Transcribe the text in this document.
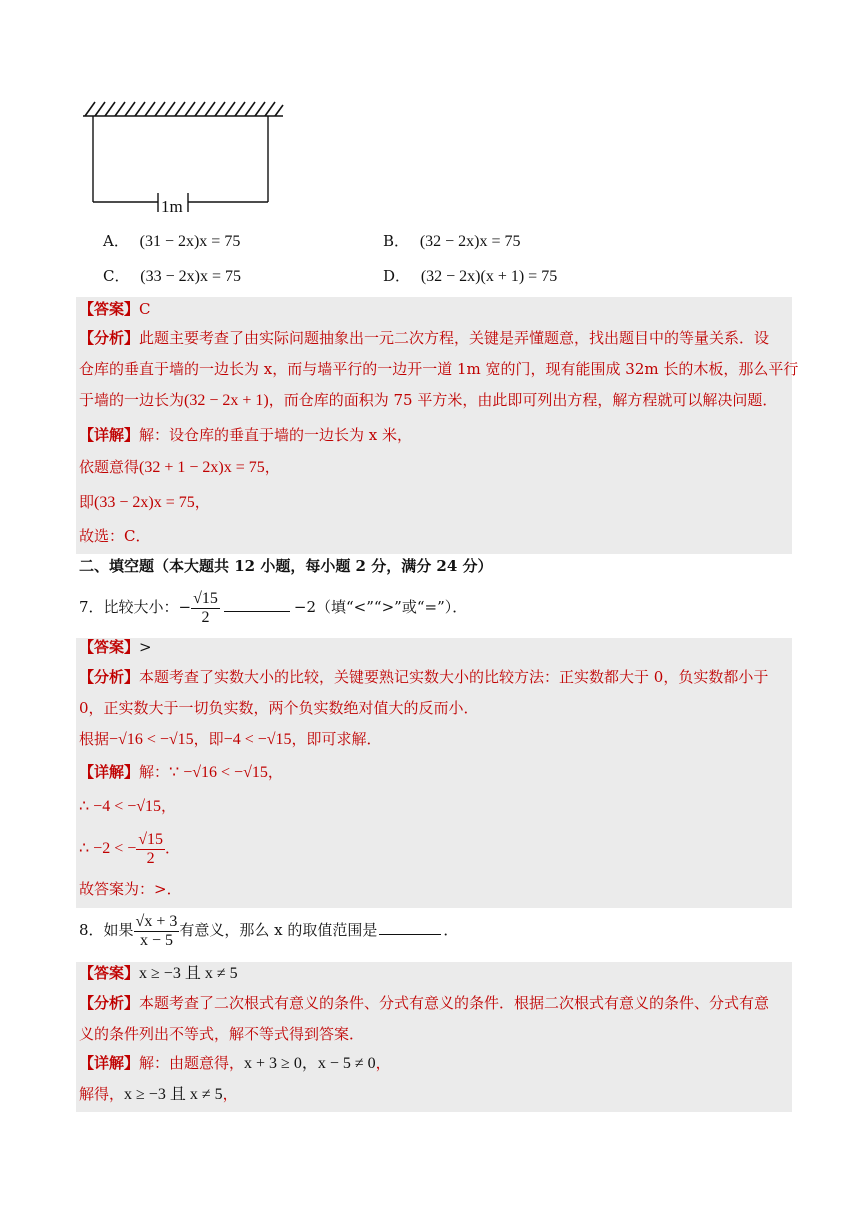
1m
A． (31 − 2x)x = 75	B． (32 − 2x)x = 75
C． (33 − 2x)x = 75	D． (32 − 2x)(x + 1) = 75
【答案】C
【分析】此题主要考查了由实际问题抽象出一元二次方程，关键是弄懂题意，找出题目中的等量关系．设
仓库的垂直于墙的一边长为 x，而与墙平行的一边开一道 1m 宽的门，现有能围成 32m 长的木板，那么平行
于墙的一边长为(32 − 2x + 1)，而仓库的面积为 75 平方米，由此即可列出方程，解方程就可以解决问题．
【详解】解：设仓库的垂直于墙的一边长为 x 米，
依题意得(32 + 1 − 2x)x = 75，
即(33 − 2x)x = 75，
故选：C．
二、填空题（本大题共 12 小题，每小题 2 分，满分 24 分）
7．比较大小：− $\frac{√15}{2}$	−2（填“<”“>”或“=”）．
【答案】>
【分析】本题考查了实数大小的比较，关键要熟记实数大小的比较方法：正实数都大于 0，负实数都小于
0，正实数大于一切负实数，两个负实数绝对值大的反而小．
根据−√16 < −√15，即−4 < −√15，即可求解．
【详解】解：∵ −√16 < −√15，
∴ −4 < −√15，
∴ −2 < − $\frac{√15}{2}$ ．
故答案为：>．
8．如果 $\frac{√x + 3}{x - 5}$ 有意义，那么 x 的取值范围是	．
【答案】x ≥ −3 且 x ≠ 5
【分析】本题考查了二次根式有意义的条件、分式有意义的条件．根据二次根式有意义的条件、分式有意
义的条件列出不等式，解不等式得到答案．
【详解】解：由题意得，x + 3 ≥ 0，x − 5 ≠ 0，
解得，x ≥ −3 且 x ≠ 5，
